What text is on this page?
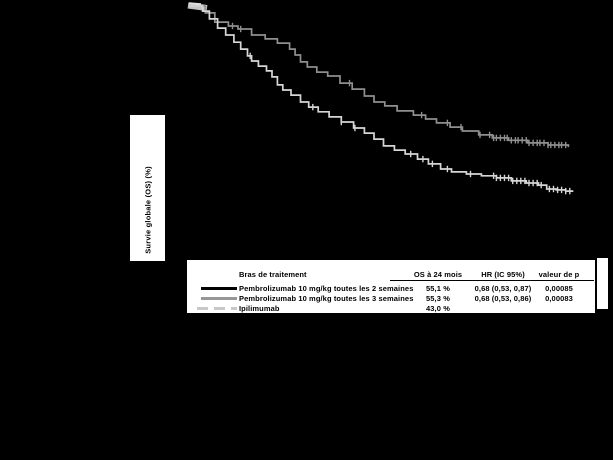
Survie globale (OS) (%)
Bras de traitement	OS à 24 mois	HR (IC 95%)	valeur de p
Pembrolizumab 10 mg/kg toutes les 2 semaines	55,1 %	0,68 (0,53, 0,87)	0,00085
Pembrolizumab 10 mg/kg toutes les 3 semaines	55,3 %	0,68 (0,53, 0,86)	0,00083
Ipilimumab	43,0 %
